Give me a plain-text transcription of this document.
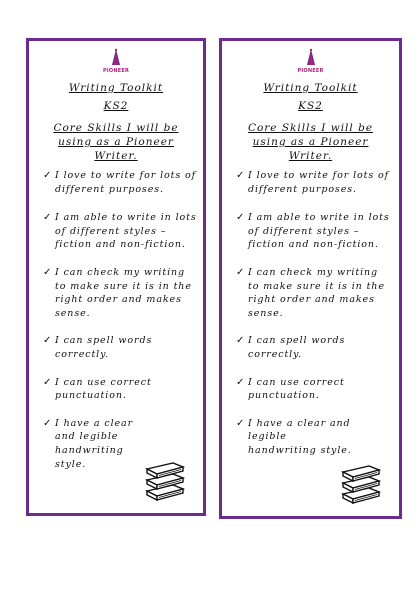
PIONEER
Writing Toolkit
KS2
Core Skills I will be using as a Pioneer Writer.
✓ I love to write for lots of different purposes.
✓ I am able to write in lots of different styles – fiction and non-fiction.
✓ I can check my writing to make sure it is in the right order and makes sense.
✓ I can spell words correctly.
✓ I can use correct punctuation.
✓ I have a clear and legible handwriting style.
PIONEER
Writing Toolkit
KS2
Core Skills I will be using as a Pioneer Writer.
✓ I love to write for lots of different purposes.
✓ I am able to write in lots of different styles – fiction and non-fiction.
✓ I can check my writing to make sure it is in the right order and makes sense.
✓ I can spell words correctly.
✓ I can use correct punctuation.
✓ I have a clear and legible handwriting style.
